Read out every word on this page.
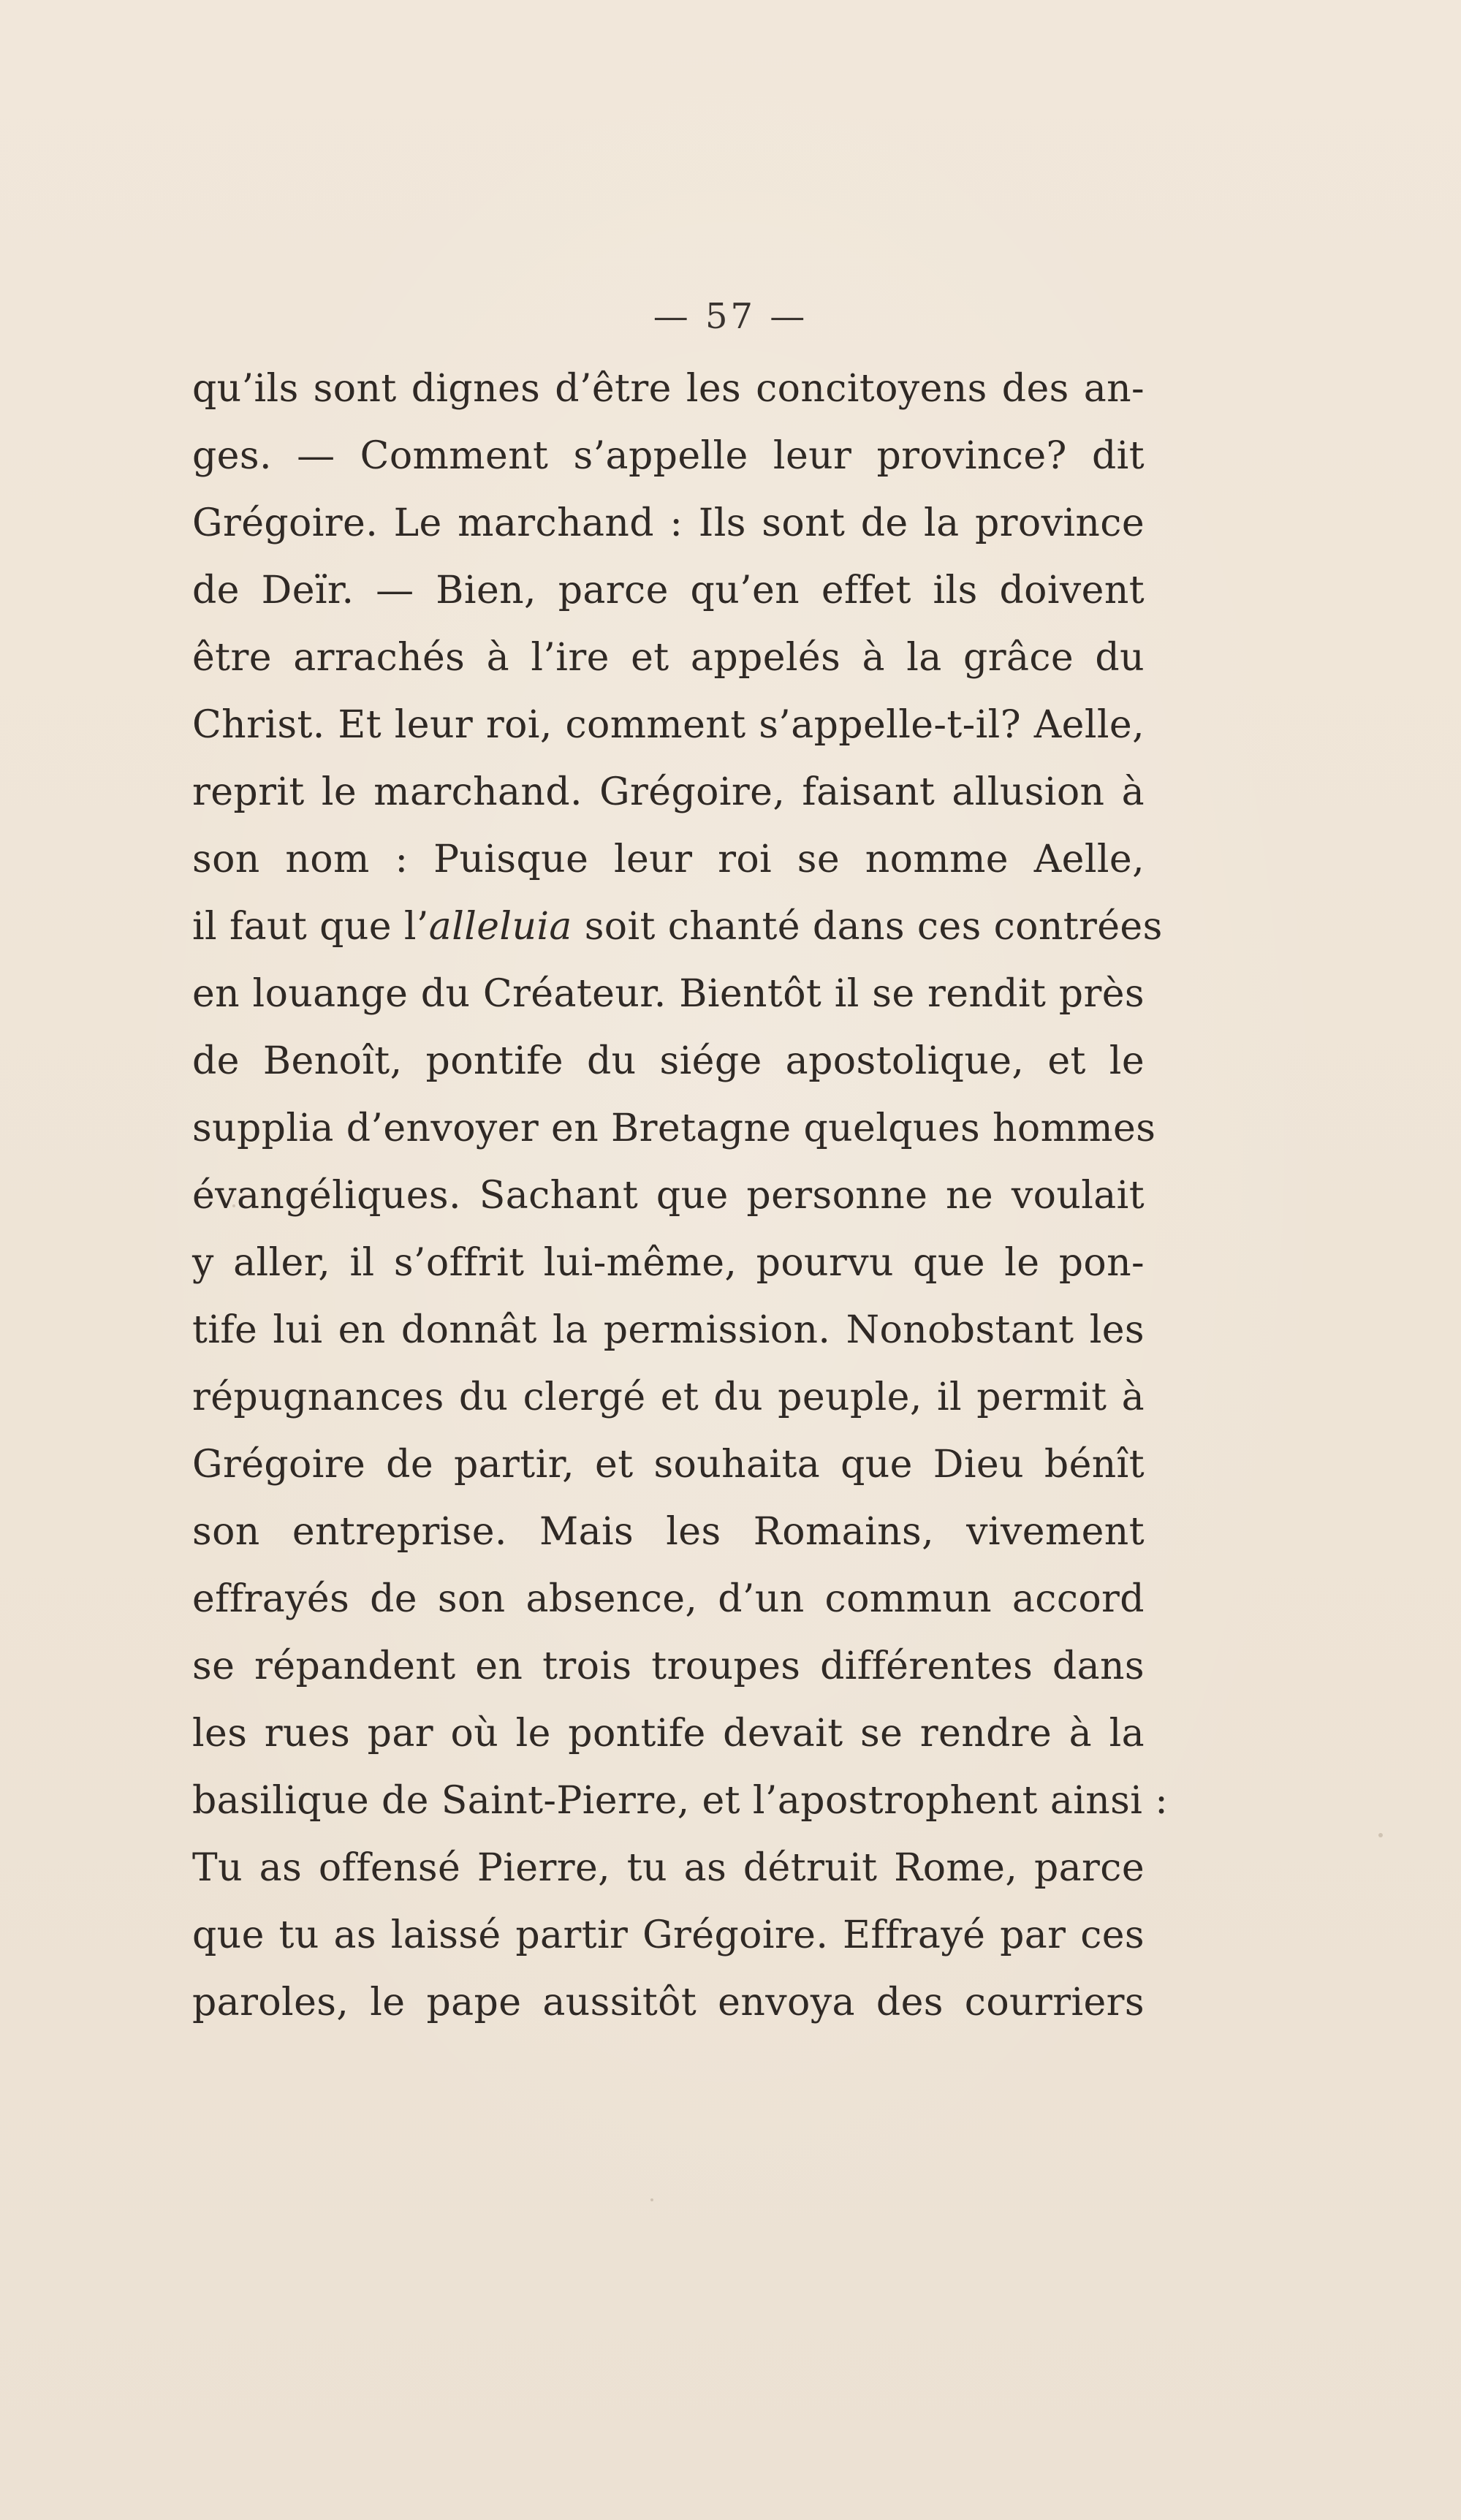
— 57 —
qu’ils sont dignes d’être les concitoyens des an-
ges. — Comment s’appelle leur province? dit
Grégoire. Le marchand : Ils sont de la province
de Deïr. — Bien, parce qu’en effet ils doivent
être arrachés à l’ire et appelés à la grâce du
Christ. Et leur roi, comment s’appelle-t-il? Aelle,
reprit le marchand. Grégoire, faisant allusion à
son nom : Puisque leur roi se nomme Aelle,
il faut que l’alleluia soit chanté dans ces contrées
en louange du Créateur. Bientôt il se rendit près
de Benoît, pontife du siége apostolique, et le
supplia d’envoyer en Bretagne quelques hommes
évangéliques. Sachant que personne ne voulait
y aller, il s’offrit lui-même, pourvu que le pon-
tife lui en donnât la permission. Nonobstant les
répugnances du clergé et du peuple, il permit à
Grégoire de partir, et souhaita que Dieu bénît
son entreprise. Mais les Romains, vivement
effrayés de son absence, d’un commun accord
se répandent en trois troupes différentes dans
les rues par où le pontife devait se rendre à la
basilique de Saint-Pierre, et l’apostrophent ainsi :
Tu as offensé Pierre, tu as détruit Rome, parce
que tu as laissé partir Grégoire. Effrayé par ces
paroles, le pape aussitôt envoya des courriers
